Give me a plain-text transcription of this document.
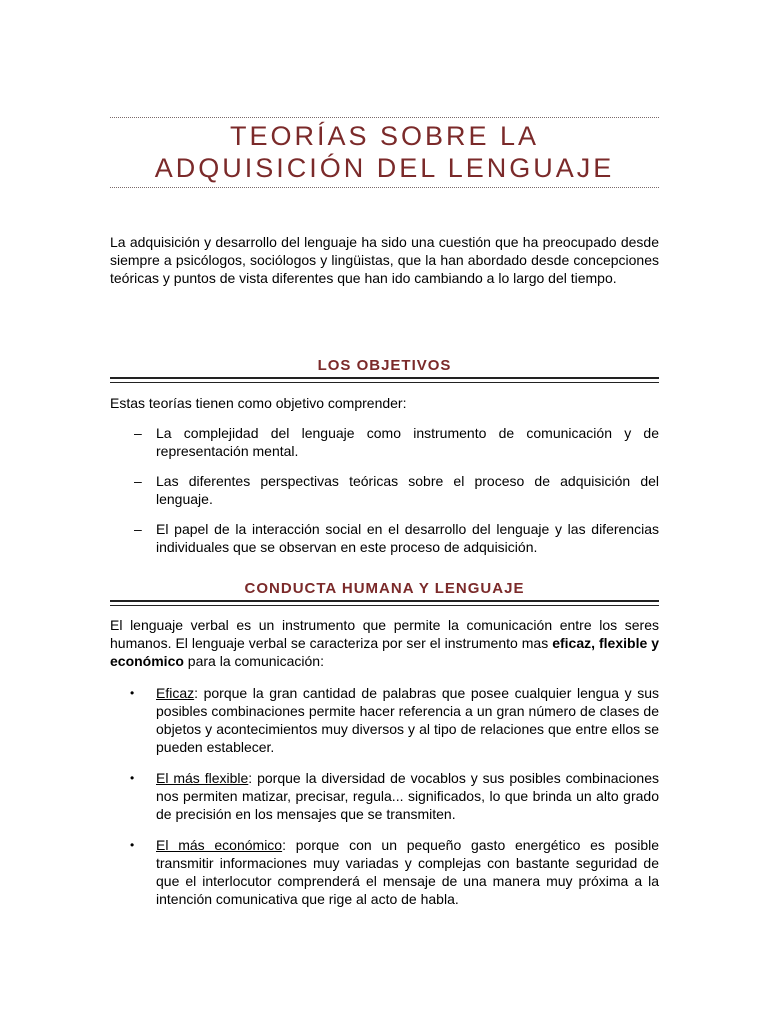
TEORÍAS SOBRE LA
ADQUISICIÓN DEL LENGUAJE

La adquisición y desarrollo del lenguaje ha sido una cuestión que ha preocupado desde siempre a psicólogos, sociólogos y lingüistas, que la han abordado desde concepciones teóricas y puntos de vista diferentes que han ido cambiando a lo largo del tiempo.

LOS OBJETIVOS

Estas teorías tienen como objetivo comprender:

– La complejidad del lenguaje como instrumento de comunicación y de representación mental.
– Las diferentes perspectivas teóricas sobre el proceso de adquisición del lenguaje.
– El papel de la interacción social en el desarrollo del lenguaje y las diferencias individuales que se observan en este proceso de adquisición.
CONDUCTA HUMANA Y LENGUAJE

El lenguaje verbal es un instrumento que permite la comunicación entre los seres humanos. El lenguaje verbal se caracteriza por ser el instrumento mas eficaz, flexible y económico para la comunicación:

• Eficaz: porque la gran cantidad de palabras que posee cualquier lengua y sus posibles combinaciones permite hacer referencia a un gran número de clases de objetos y acontecimientos muy diversos y al tipo de relaciones que entre ellos se pueden establecer.
• El más flexible: porque la diversidad de vocablos y sus posibles combinaciones nos permiten matizar, precisar, regula... significados, lo que brinda un alto grado de precisión en los mensajes que se transmiten.
• El más económico: porque con un pequeño gasto energético es posible transmitir informaciones muy variadas y complejas con bastante seguridad de que el interlocutor comprenderá el mensaje de una manera muy próxima a la intención comunicativa que rige al acto de habla.
